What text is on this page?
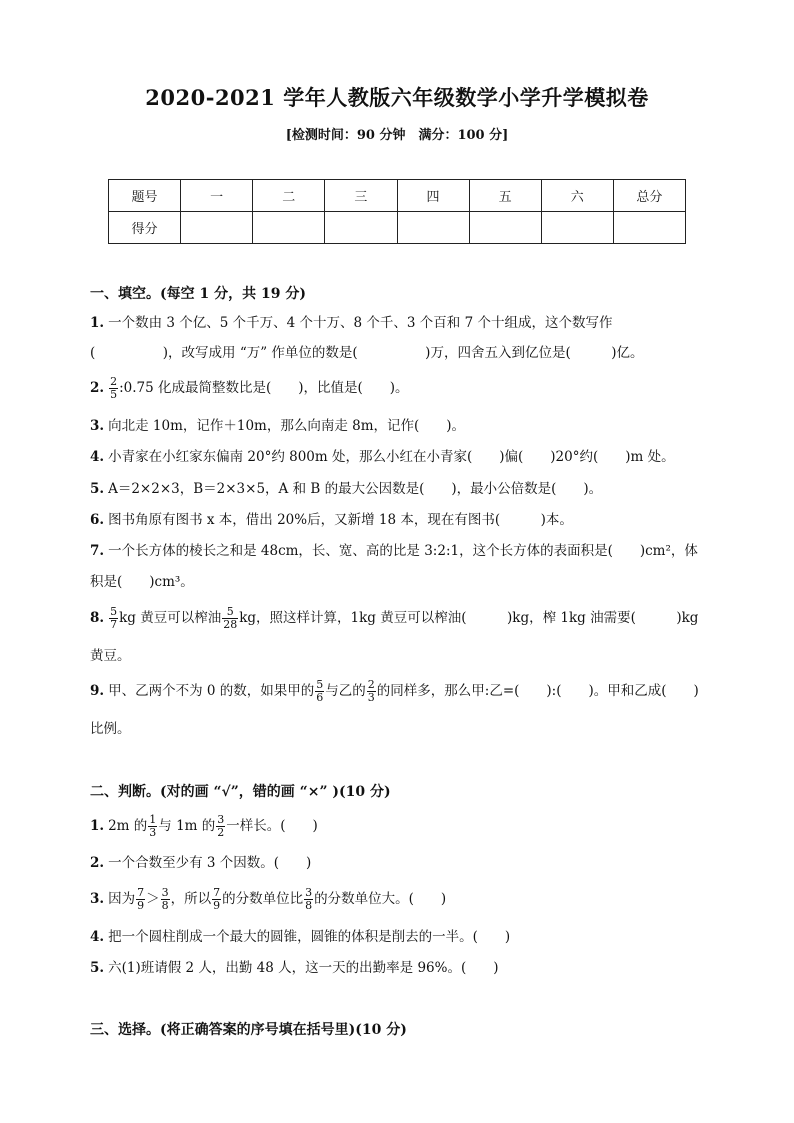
2020-2021 学年人教版六年级数学小学升学模拟卷
[检测时间：90 分钟　满分：100 分]
题号	一	二	三	四	五	六	总分
得分							
一、填空。(每空 1 分，共 19 分)
1. 一个数由 3 个亿、5 个千万、4 个十万、8 个千、3 个百和 7 个十组成，这个数写作
(　　　　　)，改写成用 “万” 作单位的数是(　　　　　)万，四舍五入到亿位是(　　　)亿。
2. $\frac{2}{5}$ :0.75 化成最简整数比是(　　)，比值是(　　)。
3. 向北走 10m，记作＋10m，那么向南走 8m，记作(　　)。
4. 小青家在小红家东偏南 20°约 800m 处，那么小红在小青家(　　)偏(　　)20°约(　　)m 处。
5. A＝2×2×3，B＝2×3×5，A 和 B 的最大公因数是(　　)，最小公倍数是(　　)。
6. 图书角原有图书 x 本，借出 20%后，又新增 18 本，现在有图书(　　　)本。
7. 一个长方体的棱长之和是 48cm，长、宽、高的比是 3:2:1，这个长方体的表面积是(　　)cm²，体
积是(　　)cm³。
8. $\frac{5}{7}$ kg 黄豆可以榨油 $\frac{5}{28}$ kg，照这样计算，1kg 黄豆可以榨油(　　　)kg，榨 1kg 油需要(　　　)kg
黄豆。
9. 甲、乙两个不为 0 的数，如果甲的 $\frac{5}{6}$ 与乙的 $\frac{2}{3}$ 的同样多，那么甲:乙=(　　):(　　)。甲和乙成(　　)
比例。
二、判断。(对的画 “√”，错的画 “×” )(10 分)
1. 2m 的 $\frac{1}{3}$ 与 1m 的 $\frac{3}{2}$ 一样长。(　　)
2. 一个合数至少有 3 个因数。(　　)
3. 因为 $\frac{7}{9} > \frac{3}{8}$ ，所以 $\frac{7}{9}$ 的分数单位比 $\frac{3}{8}$ 的分数单位大。(　　)
4. 把一个圆柱削成一个最大的圆锥，圆锥的体积是削去的一半。(　　)
5. 六(1)班请假 2 人，出勤 48 人，这一天的出勤率是 96%。(　　)
三、选择。(将正确答案的序号填在括号里)(10 分)
